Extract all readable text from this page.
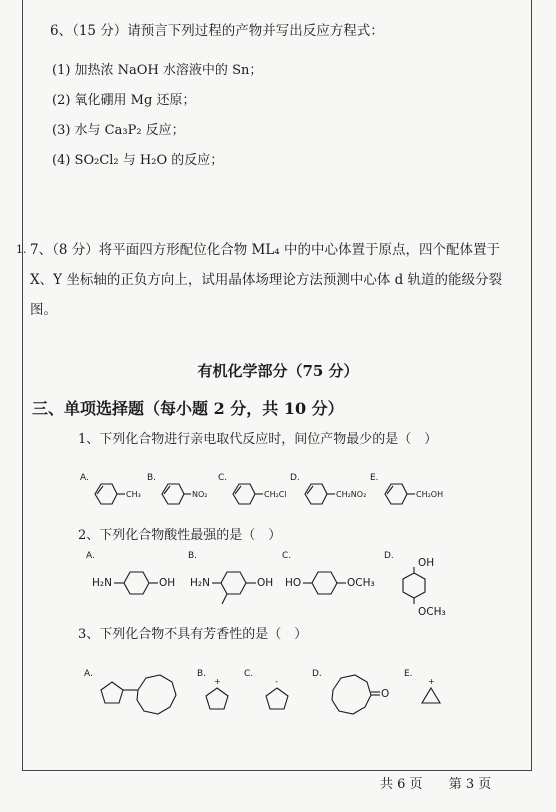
6、（15 分）请预言下列过程的产物并写出反应方程式：
(1) 加热浓 NaOH 水溶液中的 Sn；
(2) 氧化硼用 Mg 还原；
(3) 水与 Ca₃P₂ 反应；
(4) SO₂Cl₂ 与 H₂O 的反应；
1. 7、（8 分）将平面四方形配位化合物 ML₄ 中的中心体置于原点，四个配体置于 X、Y 坐标轴的正负方向上，试用晶体场理论方法预测中心体 d 轨道的能级分裂图。
有机化学部分（75 分）
三、单项选择题（每小题 2 分，共 10 分）
1、下列化合物进行亲电取代反应时，间位产物最少的是（　）
2、下列化合物酸性最强的是（　）
3、下列化合物不具有芳香性的是（　）
A.
CH₃
B.
NO₂
C.
CH₂Cl
D.
CH₂NO₂
E.
CH₂OH
A.
H₂N	OH
B.
H₂N	OH
C.
HO	OCH₃
D.
OH
OCH₃
A.	B.
+
C.
-
D.
O
E.
+
共 6 页 第 3 页
